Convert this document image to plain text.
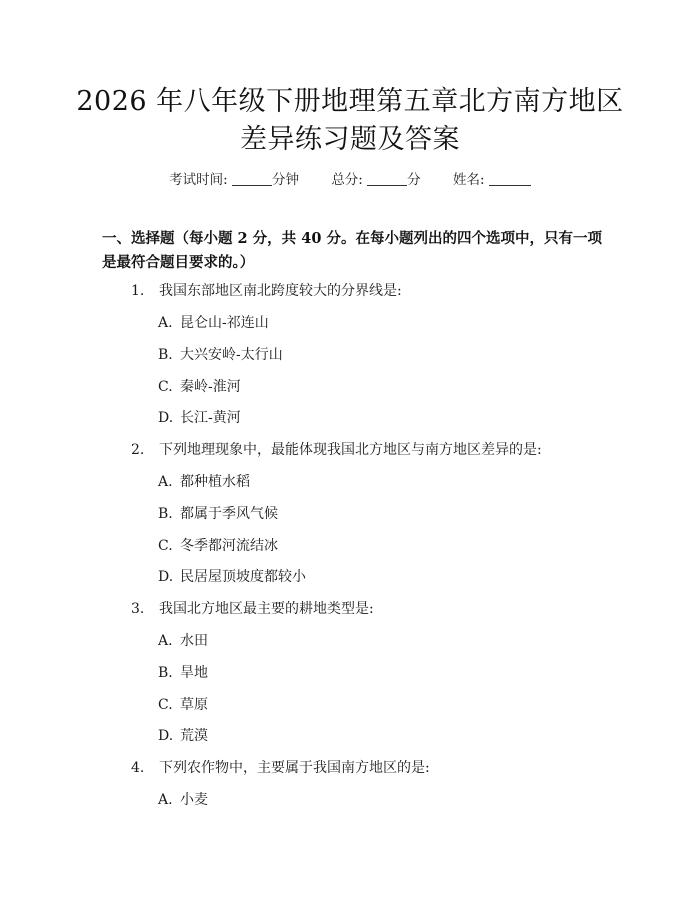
2026 年八年级下册地理第五章北方南方地区
差异练习题及答案
考试时间:	分钟 总分:	分 姓名:
一、选择题（每小题 2 分，共 40 分。在每小题列出的四个选项中，只有一项是最符合题目要求的。）
1. 我国东部地区南北跨度较大的分界线是:
A. 昆仑山-祁连山
B. 大兴安岭-太行山
C. 秦岭-淮河
D. 长江-黄河
2. 下列地理现象中，最能体现我国北方地区与南方地区差异的是:
A. 都种植水稻
B. 都属于季风气候
C. 冬季都河流结冰
D. 民居屋顶坡度都较小
3. 我国北方地区最主要的耕地类型是:
A. 水田
B. 旱地
C. 草原
D. 荒漠
4. 下列农作物中，主要属于我国南方地区的是:
A. 小麦
